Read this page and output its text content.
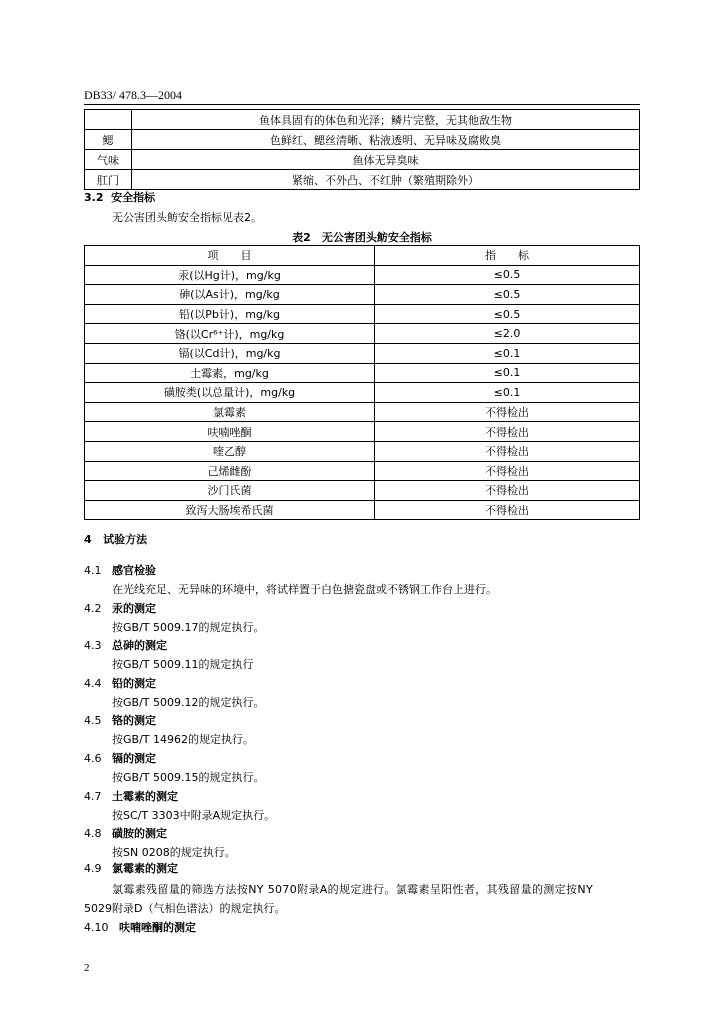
DB33/ 478.3—2004
	鱼体具固有的体色和光泽；鳞片完整，无其他敌生物
鳃	色鲜红、鳃丝清晰、粘液透明、无异味及腐败臭
气味	鱼体无异臭味
肛门	紧缩、不外凸、不红肿（繁殖期除外）
3.2 安全指标
无公害团头鲂安全指标见表2。
表2　无公害团头鲂安全指标
项　　目	指　　标
汞(以Hg计)，mg/kg	≤0.5
砷(以As计)，mg/kg	≤0.5
铅(以Pb计)，mg/kg	≤0.5
铬(以Cr⁶⁺计)，mg/kg	≤2.0
镉(以Cd计)，mg/kg	≤0.1
土霉素，mg/kg	≤0.1
磺胺类(以总量计)，mg/kg	≤0.1
氯霉素	不得检出
呋喃唑酮	不得检出
喹乙醇	不得检出
己烯雌酚	不得检出
沙门氏菌	不得检出
致泻大肠埃希氏菌	不得检出
4 试验方法
4.1 感官检验
在光线充足、无异味的环境中，将试样置于白色搪瓷盘或不锈钢工作台上进行。
4.2 汞的测定
按GB/T 5009.17的规定执行。
4.3 总砷的测定
按GB/T 5009.11的规定执行
4.4 铅的测定
按GB/T 5009.12的规定执行。
4.5 铬的测定
按GB/T 14962的规定执行。
4.6 镉的测定
按GB/T 5009.15的规定执行。
4.7 土霉素的测定
按SC/T 3303中附录A规定执行。
4.8 磺胺的测定
按SN 0208的规定执行。
4.9 氯霉素的测定
氯霉素残留量的筛选方法按NY 5070附录A的规定进行。氯霉素呈阳性者，其残留量的测定按NY
5029附录D（气相色谱法）的规定执行。
4.10 呋喃唑酮的测定
2
